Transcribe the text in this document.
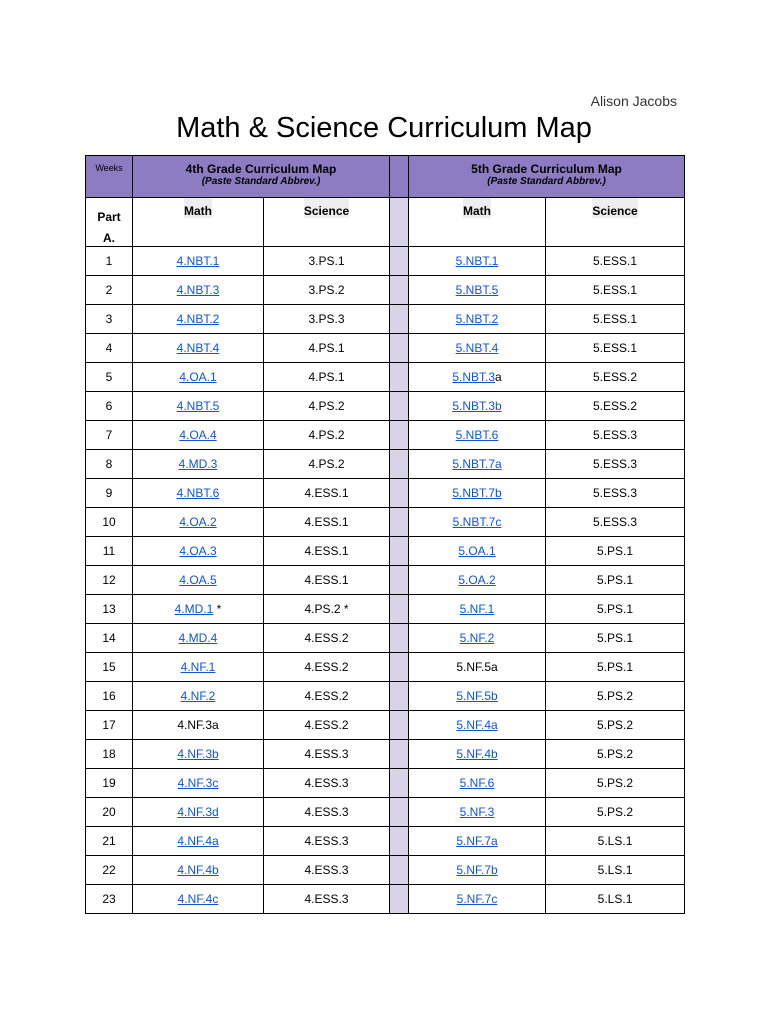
Alison Jacobs
Math & Science Curriculum Map
Weeks	4th Grade Curriculum Map
(Paste Standard Abbrev.)			5th Grade Curriculum Map
(Paste Standard Abbrev.)	

Part
A.	Math	Science		Math	Science
1	4.NBT.1	3.PS.1		5.NBT.1	5.ESS.1
2	4.NBT.3	3.PS.2		5.NBT.5	5.ESS.1
3	4.NBT.2	3.PS.3		5.NBT.2	5.ESS.1
4	4.NBT.4	4.PS.1		5.NBT.4	5.ESS.1
5	4.OA.1	4.PS.1		5.NBT.3a	5.ESS.2
6	4.NBT.5	4.PS.2		5.NBT.3b	5.ESS.2
7	4.OA.4	4.PS.2		5.NBT.6	5.ESS.3
8	4.MD.3	4.PS.2		5.NBT.7a	5.ESS.3
9	4.NBT.6	4.ESS.1		5.NBT.7b	5.ESS.3
10	4.OA.2	4.ESS.1		5.NBT.7c	5.ESS.3
11	4.OA.3	4.ESS.1		5.OA.1	5.PS.1
12	4.OA.5	4.ESS.1		5.OA.2	5.PS.1
13	4.MD.1 *	4.PS.2 *		5.NF.1	5.PS.1
14	4.MD.4	4.ESS.2		5.NF.2	5.PS.1
15	4.NF.1	4.ESS.2		5.NF.5a	5.PS.1
16	4.NF.2	4.ESS.2		5.NF.5b	5.PS.2
17	4.NF.3a	4.ESS.2		5.NF.4a	5.PS.2
18	4.NF.3b	4.ESS.3		5.NF.4b	5.PS.2
19	4.NF.3c	4.ESS.3		5.NF.6	5.PS.2
20	4.NF.3d	4.ESS.3		5.NF.3	5.PS.2
21	4.NF.4a	4.ESS.3		5.NF.7a	5.LS.1
22	4.NF.4b	4.ESS.3		5.NF.7b	5.LS.1
23	4.NF.4c	4.ESS.3		5.NF.7c	5.LS.1
